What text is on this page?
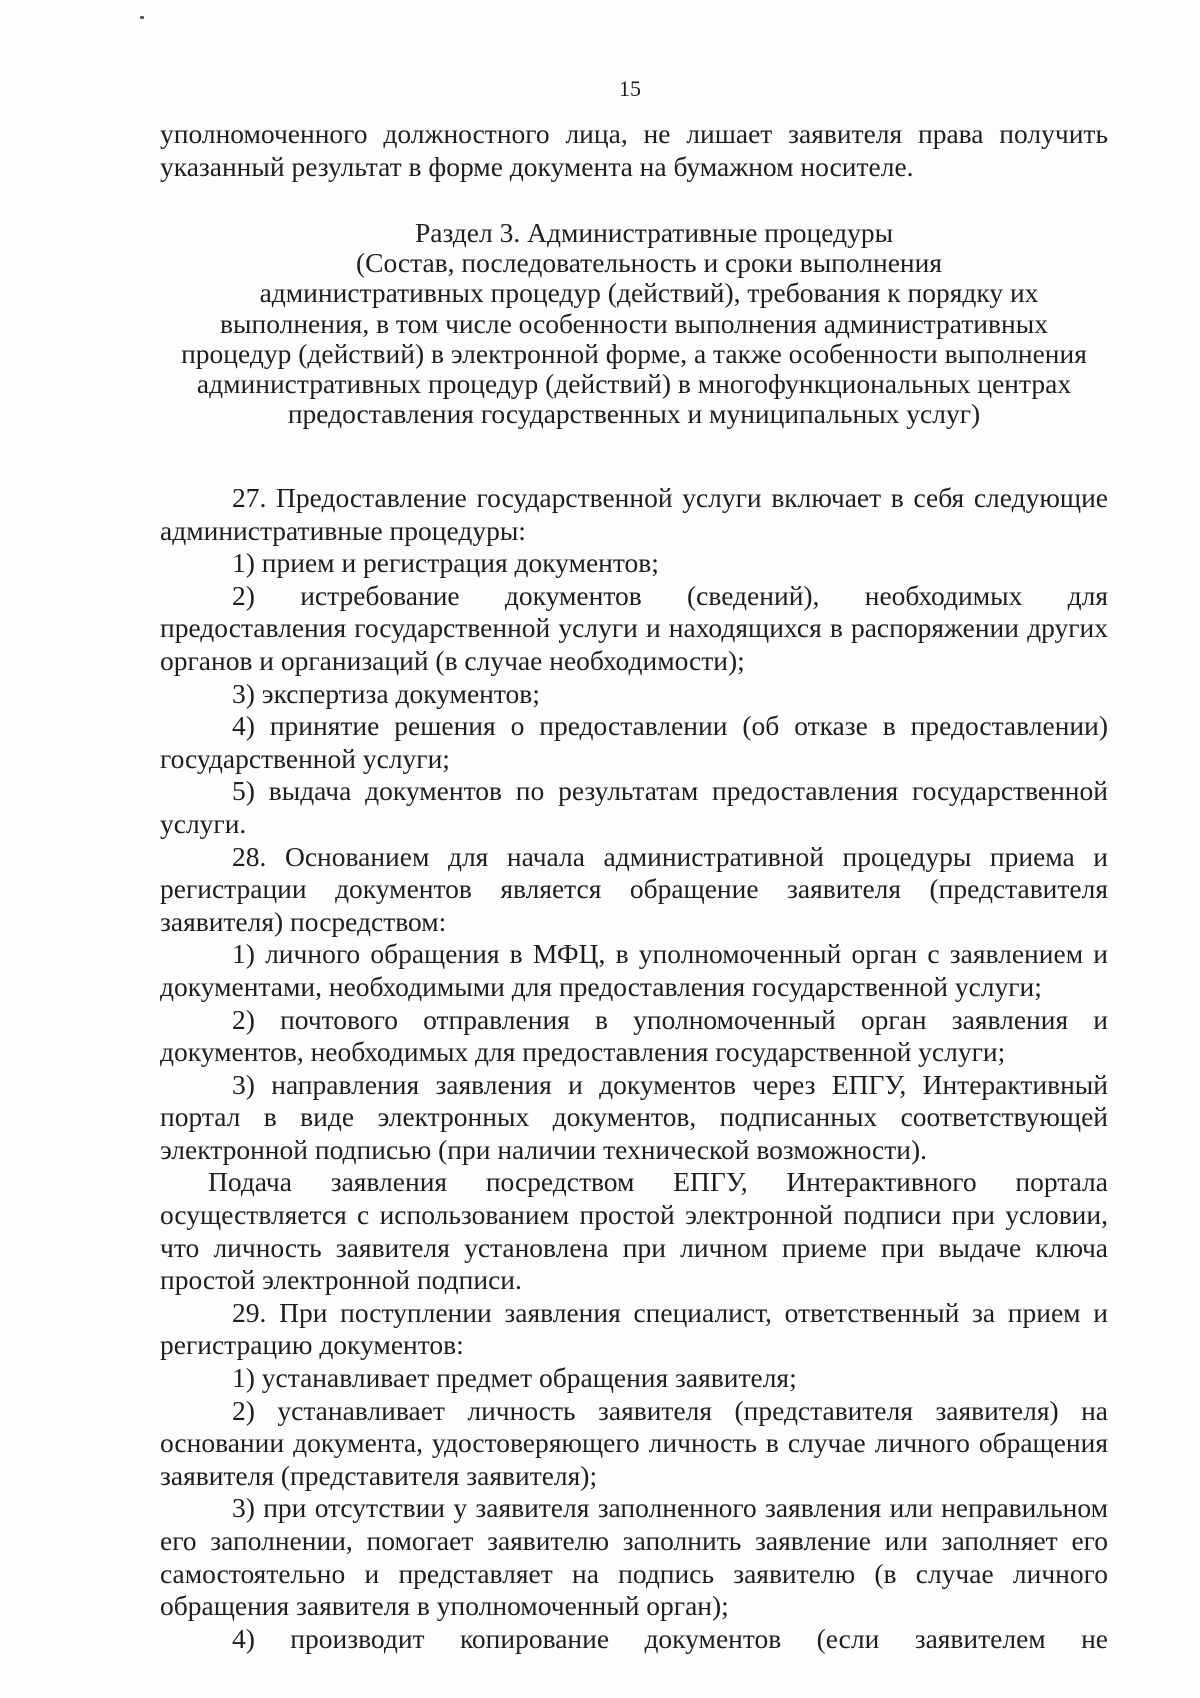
15

уполномоченного должностного лица, не лишает заявителя права получить

указанный результат в форме документа на бумажном носителе.

Раздел 3. Административные процедуры
(Состав, последовательность и сроки выполнения
административных процедур (действий), требования к порядку их
выполнения, в том числе особенности выполнения административных
процедур (действий) в электронной форме, а также особенности выполнения
административных процедур (действий) в многофункциональных центрах
предоставления государственных и муниципальных услуг)

27. Предоставление государственной услуги включает в себя следующие административные процедуры:

1) прием и регистрация документов;

2) истребование документов (сведений), необходимых для предоставления государственной услуги и находящихся в распоряжении других органов и организаций (в случае необходимости);

3) экспертиза документов;

4) принятие решения о предоставлении (об отказе в предоставлении) государственной услуги;

5) выдача документов по результатам предоставления государственной услуги.

28. Основанием для начала административной процедуры приема и регистрации документов является обращение заявителя (представителя заявителя) посредством:

1) личного обращения в МФЦ, в уполномоченный орган с заявлением и документами, необходимыми для предоставления государственной услуги;

2) почтового отправления в уполномоченный орган заявления и документов, необходимых для предоставления государственной услуги;

3) направления заявления и документов через ЕПГУ, Интерактивный портал в виде электронных документов, подписанных соответствующей электронной подписью (при наличии технической возможности).

Подача заявления посредством ЕПГУ, Интерактивного портала осуществляется с использованием простой электронной подписи при условии, что личность заявителя установлена при личном приеме при выдаче ключа простой электронной подписи.

29. При поступлении заявления специалист, ответственный за прием и регистрацию документов:

1) устанавливает предмет обращения заявителя;

2) устанавливает личность заявителя (представителя заявителя) на основании документа, удостоверяющего личность в случае личного обращения заявителя (представителя заявителя);

3) при отсутствии у заявителя заполненного заявления или неправильном его заполнении, помогает заявителю заполнить заявление или заполняет его самостоятельно и представляет на подпись заявителю (в случае личного обращения заявителя в уполномоченный орган);

4) производит копирование документов (если заявителем не
